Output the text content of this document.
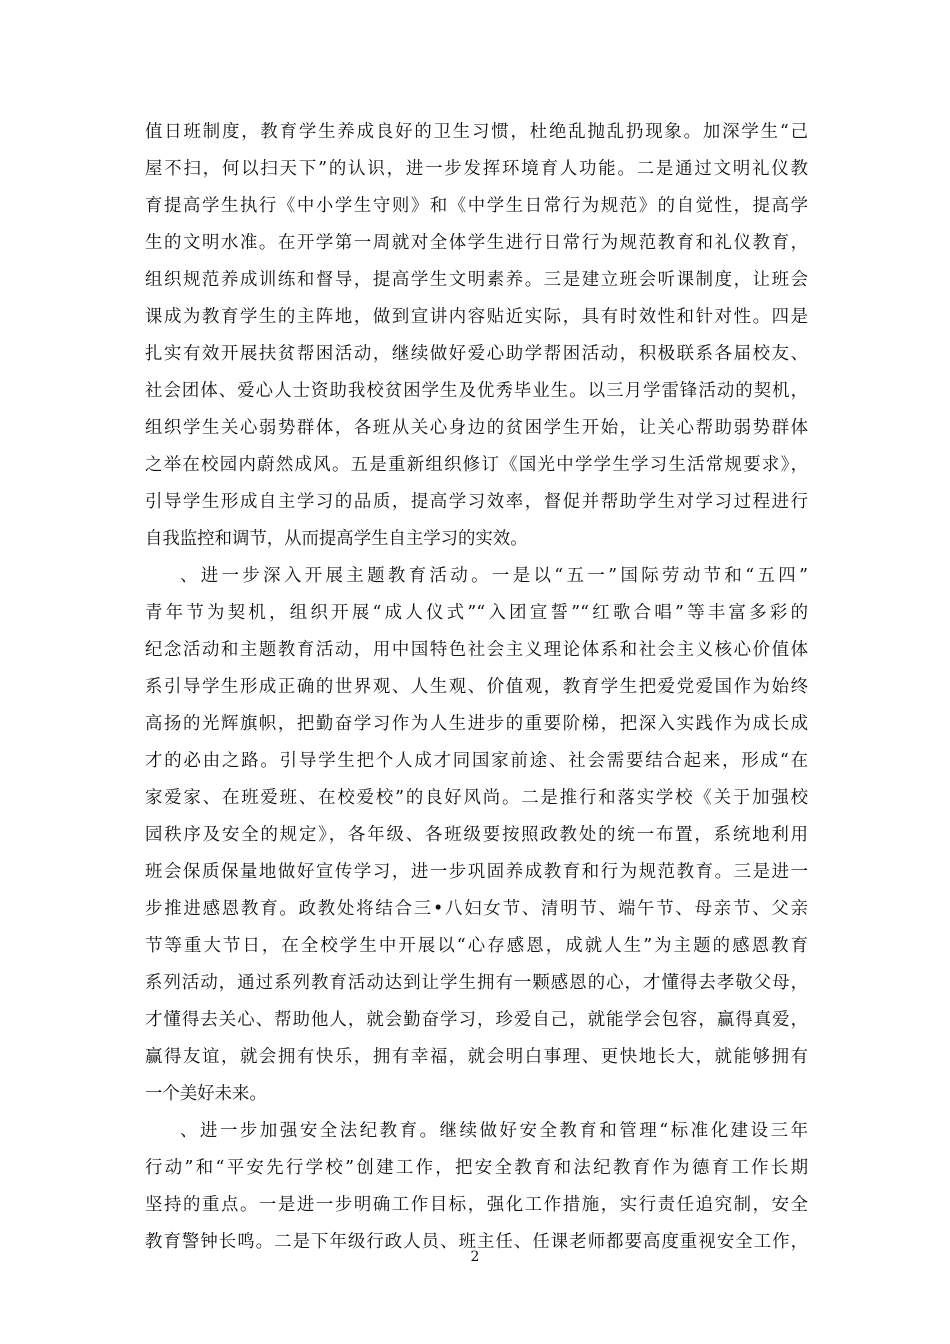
值日班制度，教育学生养成良好的卫生习惯，杜绝乱抛乱扔现象。加深学生“己
屋不扫，何以扫天下”的认识，进一步发挥环境育人功能。二是通过文明礼仪教
育提高学生执行《中小学生守则》和《中学生日常行为规范》的自觉性，提高学
生的文明水准。在开学第一周就对全体学生进行日常行为规范教育和礼仪教育，
组织规范养成训练和督导，提高学生文明素养。三是建立班会听课制度，让班会
课成为教育学生的主阵地，做到宣讲内容贴近实际，具有时效性和针对性。四是
扎实有效开展扶贫帮困活动，继续做好爱心助学帮困活动，积极联系各届校友、
社会团体、爱心人士资助我校贫困学生及优秀毕业生。以三月学雷锋活动的契机，
组织学生关心弱势群体，各班从关心身边的贫困学生开始，让关心帮助弱势群体
之举在校园内蔚然成风。五是重新组织修订《国光中学学生学习生活常规要求》，
引导学生形成自主学习的品质，提高学习效率，督促并帮助学生对学习过程进行
自我监控和调节，从而提高学生自主学习的实效。
、进一步深入开展主题教育活动。一是以“五一”国际劳动节和“五四”
青年节为契机，组织开展“成人仪式”“入团宣誓”“红歌合唱”等丰富多彩的
纪念活动和主题教育活动，用中国特色社会主义理论体系和社会主义核心价值体
系引导学生形成正确的世界观、人生观、价值观，教育学生把爱党爱国作为始终
高扬的光辉旗帜，把勤奋学习作为人生进步的重要阶梯，把深入实践作为成长成
才的必由之路。引导学生把个人成才同国家前途、社会需要结合起来，形成“在
家爱家、在班爱班、在校爱校”的良好风尚。二是推行和落实学校《关于加强校
园秩序及安全的规定》，各年级、各班级要按照政教处的统一布置，系统地利用
班会保质保量地做好宣传学习，进一步巩固养成教育和行为规范教育。三是进一
步推进感恩教育。政教处将结合三•八妇女节、清明节、端午节、母亲节、父亲
节等重大节日，在全校学生中开展以“心存感恩，成就人生”为主题的感恩教育
系列活动，通过系列教育活动达到让学生拥有一颗感恩的心，才懂得去孝敬父母，
才懂得去关心、帮助他人，就会勤奋学习，珍爱自己，就能学会包容，赢得真爱，
赢得友谊，就会拥有快乐，拥有幸福，就会明白事理、更快地长大，就能够拥有
一个美好未来。
、进一步加强安全法纪教育。继续做好安全教育和管理“标准化建设三年
行动”和“平安先行学校”创建工作，把安全教育和法纪教育作为德育工作长期
坚持的重点。一是进一步明确工作目标，强化工作措施，实行责任追究制，安全
教育警钟长鸣。二是下年级行政人员、班主任、任课老师都要高度重视安全工作，
2
